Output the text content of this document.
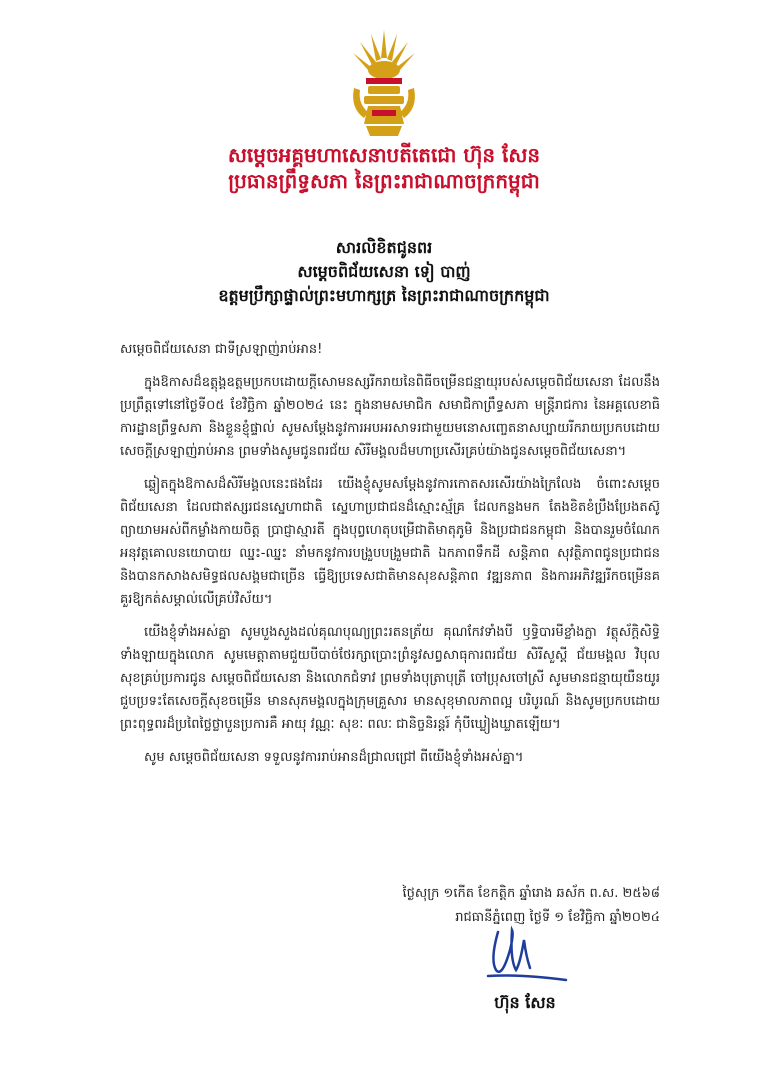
សម្តេចអគ្គមហាសេនាបតីតេជោ ហ៊ុន សែន
ប្រធានព្រឹទ្ធសភា នៃព្រះរាជាណាចក្រកម្ពុជា
សារលិខិតជូនពរ
សម្តេចពិជ័យសេនា ទៀ បាញ់
ឧត្តមប្រឹក្សាផ្ទាល់ព្រះមហាក្សត្រ នៃព្រះរាជាណាចក្រកម្ពុជា

សម្តេចពិជ័យសេនា ជាទីស្រឡាញ់រាប់អាន!

ក្នុងឱកាសដ៏ឧត្តុង្គឧត្តមប្រកបដោយក្តីសោមនស្សរីករាយនៃពិធីចម្រើនជន្មាយុរបស់សម្តេចពិជ័យសេនា ដែលនឹងប្រព្រឹត្តទៅនៅថ្ងៃទី០៥ ខែវិច្ឆិកា ឆ្នាំ២០២៤ នេះ ក្នុងនាមសមាជិក សមាជិកាព្រឹទ្ធសភា មន្ត្រីរាជការ នៃអគ្គលេខាធិការដ្ឋានព្រឹទ្ធសភា និងខ្លួនខ្ញុំផ្ទាល់ សូមសម្តែងនូវការអបអរសាទរជាមួយមនោសញ្ចេតនាសប្បាយរីករាយប្រកបដោយសេចក្តីស្រឡាញ់រាប់អាន ព្រមទាំងសូមជូនពរជ័យ សិរីមង្គលដ៏មហាប្រសើរគ្រប់យ៉ាងជូនសម្តេចពិជ័យសេនា។

ឆ្លៀតក្នុងឱកាសដ៏សិរីមង្គលនេះផងដែរ យើងខ្ញុំសូមសម្តែងនូវការកោតសរសើរយ៉ាងក្រៃលែង ចំពោះសម្តេចពិជ័យសេនា ដែលជាឥស្សរជនស្នេហាជាតិ ស្នេហាប្រជាជនដ៏ស្មោះស្ម័គ្រ ដែលកន្លងមក តែងខិតខំប្រឹងប្រែងតស៊ូព្យាយាមអស់ពីកម្លាំងកាយចិត្ត ប្រាជ្ញាស្មារតី ក្នុងបុព្វហេតុបម្រើជាតិមាតុភូមិ និងប្រជាជនកម្ពុជា និងបានរួមចំណែកអនុវត្តគោលនយោបាយ ឈ្នះ-ឈ្នះ នាំមកនូវការបង្រួបបង្រួមជាតិ ឯកភាពទឹកដី សន្តិភាព សុវត្ថិភាពជូនប្រជាជន និងបានកសាងសមិទ្ធផលសង្គមជាច្រើន ធ្វើឱ្យប្រទេសជាតិមានសុខសន្តិភាព វឌ្ឍនភាព និងការអភិវឌ្ឍរីកចម្រើនគគួរឱ្យកត់សម្គាល់លើគ្រប់វិស័យ។

យើងខ្ញុំទាំងអស់គ្នា សូមបួងសួងដល់គុណបុណ្យព្រះរតនត្រ័យ គុណកែវទាំងបី ឫទ្ធិបារមីខ្លាំងក្លា វត្ថុស័ក្តិសិទ្ធិទាំងឡាយក្នុងលោក សូមមេត្តាតាមជួយបីបាច់ថែរក្សាប្រោះព្រំនូវសព្វសាធុការពរជ័យ សិរីសួស្តី ជ័យមង្គល វិបុលសុខគ្រប់ប្រការជូន សម្តេចពិជ័យសេនា និងលោកជំទាវ ព្រមទាំងបុត្រាបុត្រី ចៅប្រុសចៅស្រី សូមមានជន្មាយុយឺនយូរ ជួបប្រទះតែសេចក្តីសុខចម្រើន មានសុភមង្គលក្នុងក្រុមគ្រួសារ មានសុខុមាលភាពល្អ បរិបូរណ៍ និងសូមប្រកបដោយព្រះពុទ្ធពរដ៏ប្រពៃថ្លៃថ្លាបួនប្រការគឺ អាយុ វណ្ណៈ សុខៈ ពលៈ ជានិច្ចនិរន្តរ៍ កុំបីឃ្លៀងឃ្លាតឡើយ។

សូម សម្តេចពិជ័យសេនា ទទួលនូវការរាប់អានដ៏ជ្រាលជ្រៅ ពីយើងខ្ញុំទាំងអស់គ្នា។

ថ្ងៃសុក្រ ១កើត ខែកត្តិក ឆ្នាំរោង ឆស័ក ព.ស. ២៥៦៨
រាជធានីភ្នំពេញ ថ្ងៃទី ១ ខែវិច្ឆិកា ឆ្នាំ២០២៤
ហ៊ុន សែន
